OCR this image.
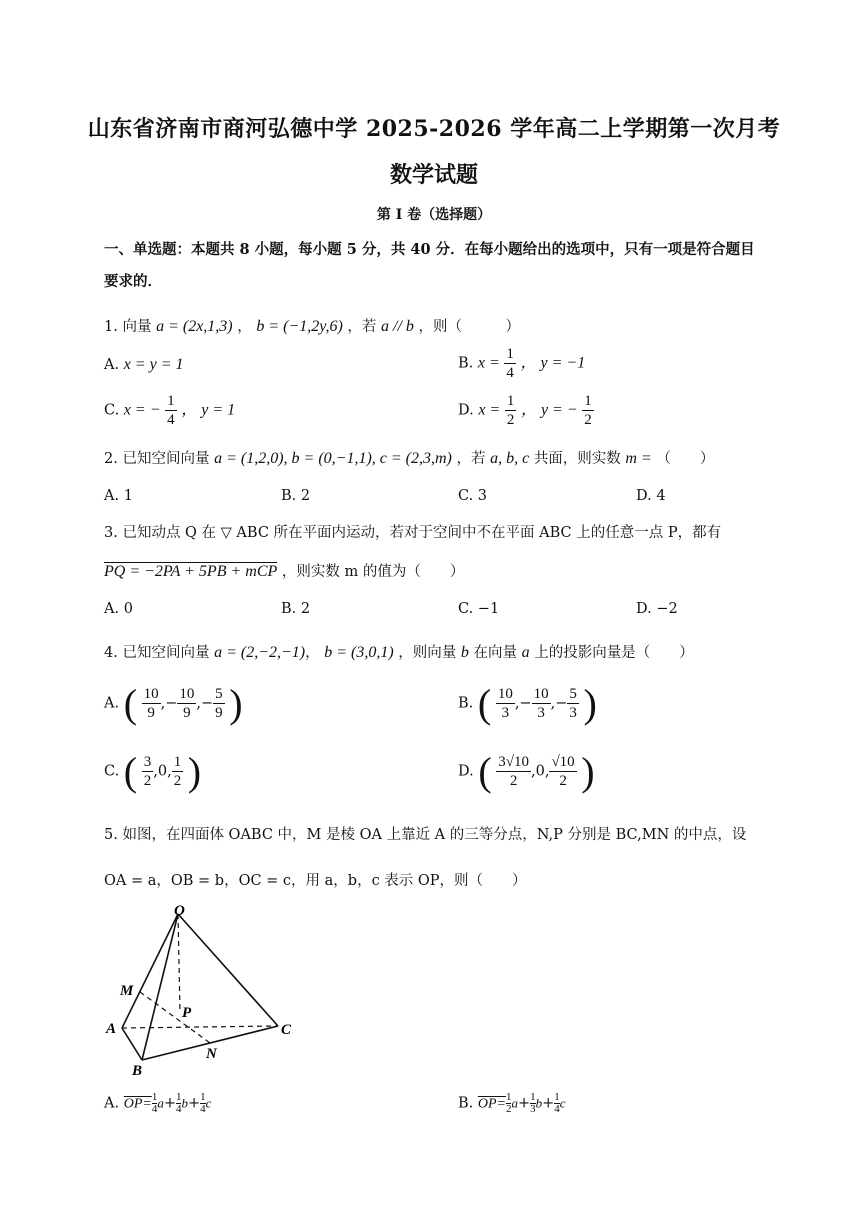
山东省济南市商河弘德中学 2025-2026 学年高二上学期第一次月考
数学试题
第 I 卷（选择题）
一、单选题：本题共 8 小题，每小题 5 分，共 40 分．在每小题给出的选项中，只有一项是符合题目
要求的．
1. 向量 a = (2x,1,3) ， b = (−1,2y,6) ，若 a // b ，则（　　　）
A. x = y = 1	B. $x = \frac{1}{4}$ ， y = −1
C. x = − $\frac{1}{4}$ ， y = 1	D. $x = \frac{1}{2}$ ， y = − $\frac{1}{2}$
2. 已知空间向量 a = (1,2,0), b = (0,−1,1), c = (2,3,m) ，若 a, b, c 共面，则实数 m = （　　）
A. 1	B. 2	C. 3	D. 4
3. 已知动点 Q 在 ▽ ABC 所在平面内运动，若对于空间中不在平面 ABC 上的任意一点 P，都有
PQ = −2PA + 5PB + mCP ，则实数 m 的值为（　　）
A. 0	B. 2	C. −1	D. −2
4. 已知空间向量 a = (2,−2,−1)， b = (3,0,1) ，则向量 b 在向量 a 上的投影向量是（　　）
A. ( $\frac{10}{9}$ ,− $\frac{10}{9}$ ,− $\frac{5}{9}$ )	B. ( $\frac{10}{3}$ ,− $\frac{10}{3}$ ,− $\frac{5}{3}$ )
C. ( $\frac{3}{2} ,0$, $\frac{1}{2}$ )	D. ( $\frac{3√10}{2} ,0$, $\frac{√10}{2}$ )
5. 如图，在四面体 OABC 中，M 是棱 OA 上靠近 A 的三等分点，N,P 分别是 BC,MN 的中点，设
OA = a，OB = b，OC = c，用 a，b，c 表示 OP，则（　　）
O
M
A
P
C
N
B
A. $OP= \frac{1}{4} a+ \frac{1}{4} b+ \frac{1}{4}$ c	B. $OP= \frac{1}{2} a+ \frac{1}{3} b+ \frac{1}{4}$ c
